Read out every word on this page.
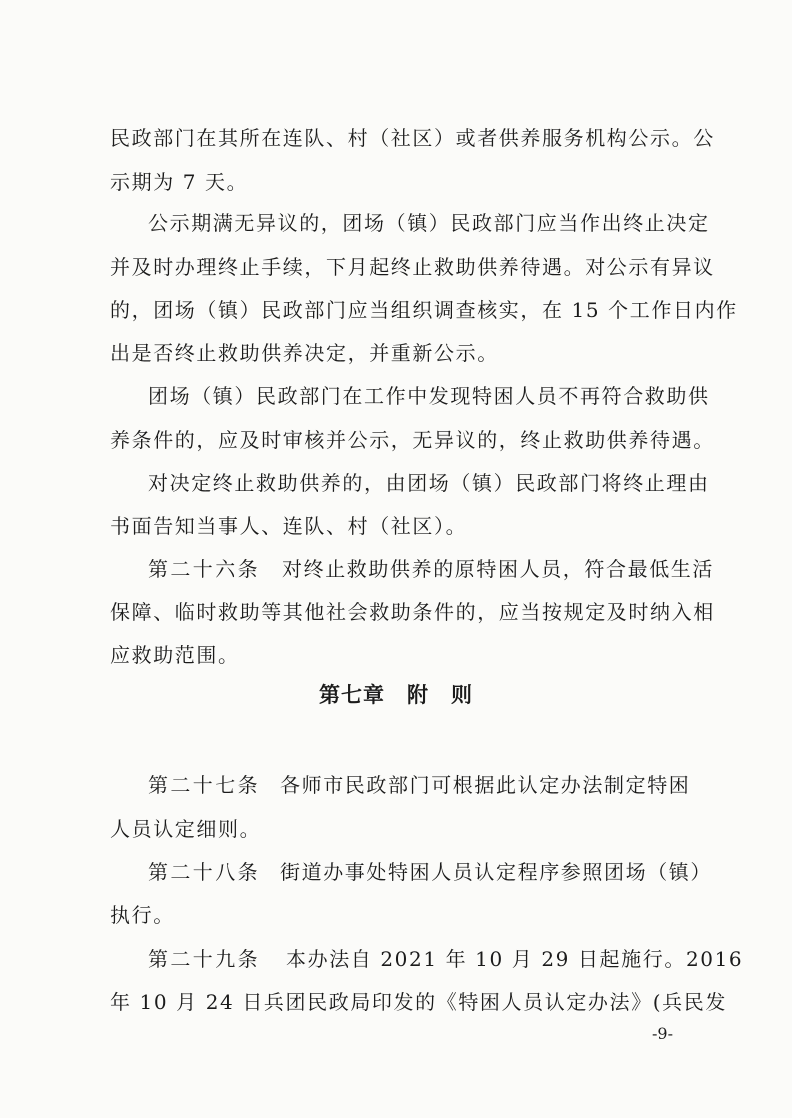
民政部门在其所在连队、村（社区）或者供养服务机构公示。公
示期为 7 天。
公示期满无异议的，团场（镇）民政部门应当作出终止决定
并及时办理终止手续，下月起终止救助供养待遇。对公示有异议
的，团场（镇）民政部门应当组织调查核实，在 15 个工作日内作
出是否终止救助供养决定，并重新公示。
团场（镇）民政部门在工作中发现特困人员不再符合救助供
养条件的，应及时审核并公示，无异议的，终止救助供养待遇。
对决定终止救助供养的，由团场（镇）民政部门将终止理由
书面告知当事人、连队、村（社区）。
第二十六条 对终止救助供养的原特困人员，符合最低生活
保障、临时救助等其他社会救助条件的，应当按规定及时纳入相
应救助范围。
第七章　附　则
第二十七条 各师市民政部门可根据此认定办法制定特困
人员认定细则。
第二十八条 街道办事处特困人员认定程序参照团场（镇）
执行。
第二十九条 本办法自 2021 年 10 月 29 日起施行。2016
年 10 月 24 日兵团民政局印发的《特困人员认定办法》(兵民发
-9-
